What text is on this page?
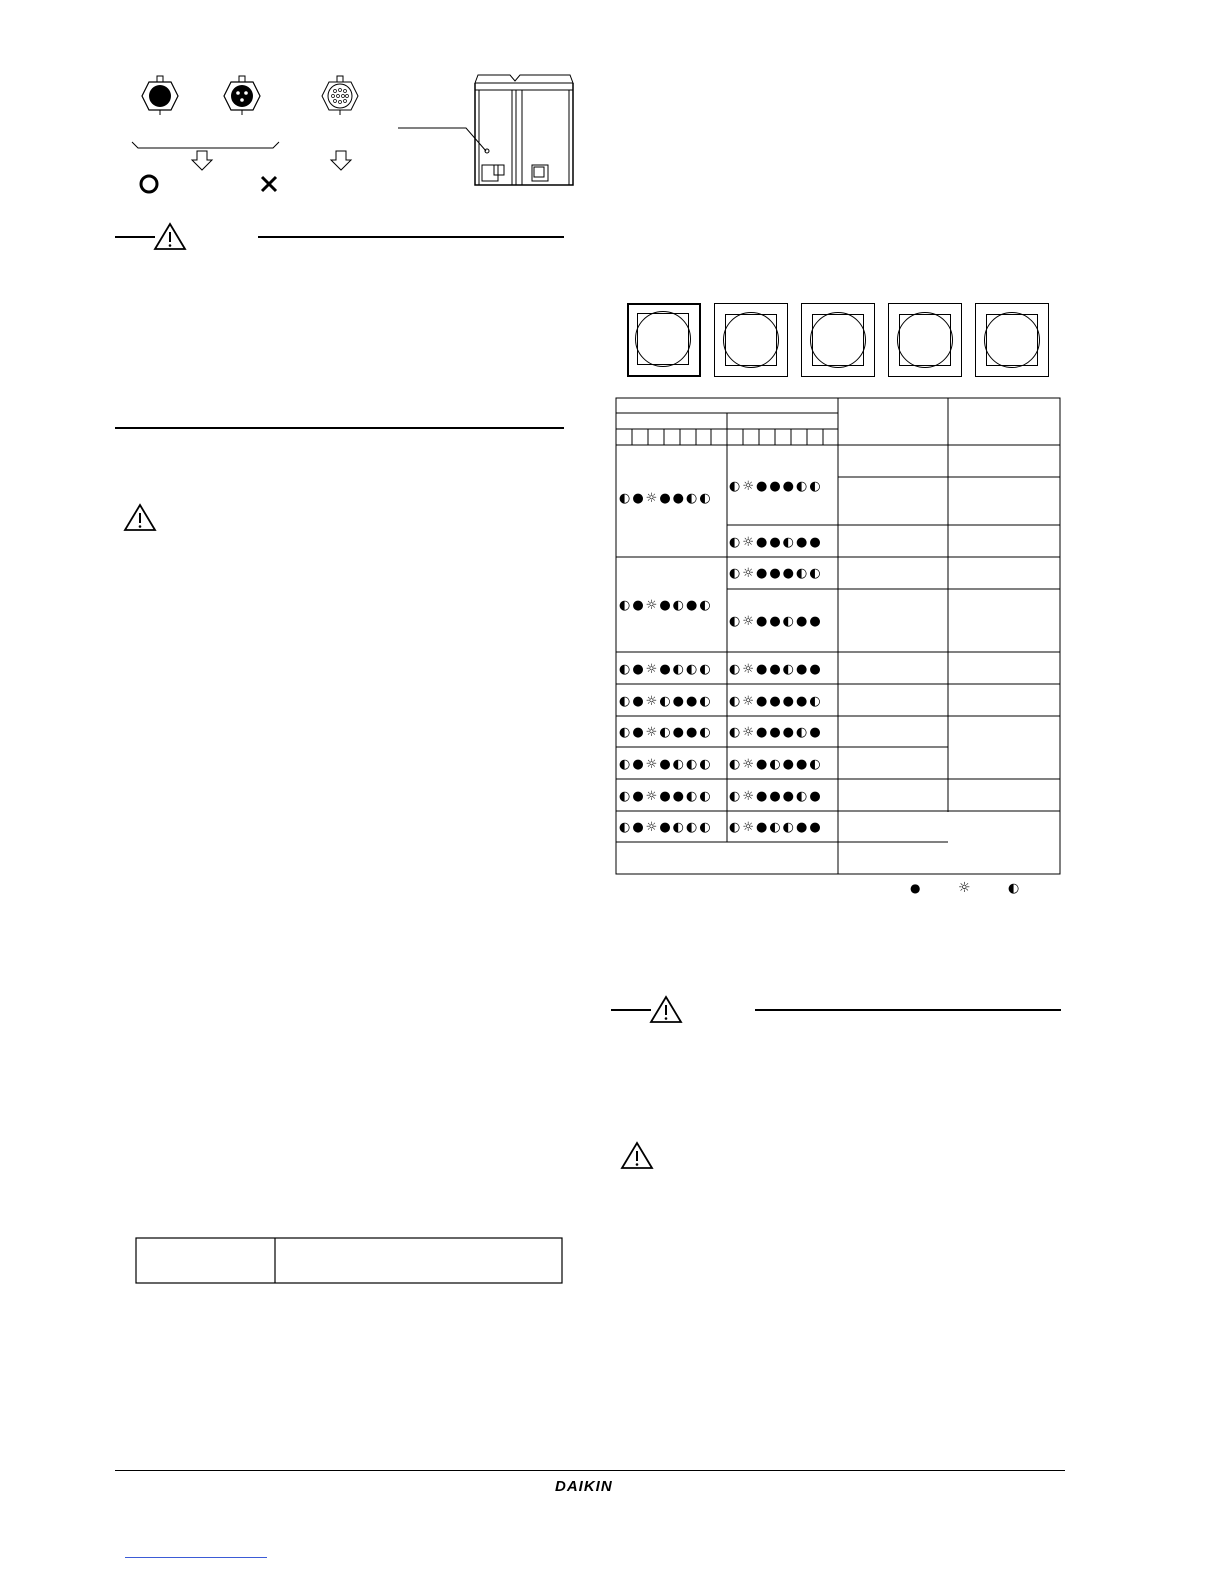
◐●☼●●◐◐
◐☼●●●◐◐
◐☼●●◐●●
◐●☼●◐●◐
◐☼●●●◐◐
◐☼●●◐●●
◐●☼●◐◐◐ ◐☼●●◐●●
◐●☼◐●●◐ ◐☼●●●●◐
◐●☼◐●●◐ ◐☼●●●◐●
◐●☼●◐◐◐ ◐☼●◐●●◐
◐●☼●●◐◐ ◐☼●●●◐●
◐●☼●◐◐◐ ◐☼●◐◐●●
●	☼	◐
DAIKIN
